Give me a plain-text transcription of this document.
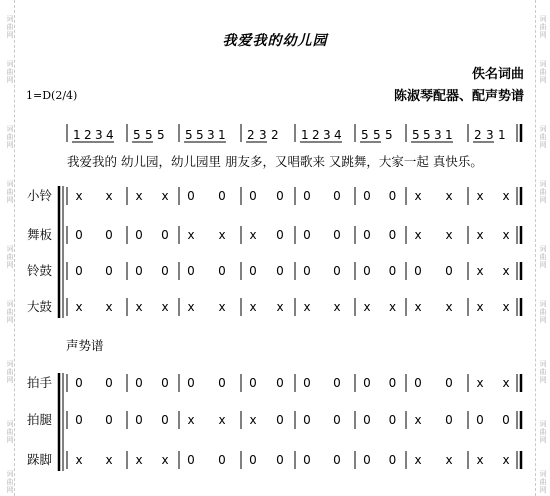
词
曲
网
词
曲
网
词
曲
网
词
曲
网
词
曲
网
词
曲
网
词
曲
网
词
曲
网
词
曲
网
词
曲
网
词
曲
网
词
曲
网
词
曲
网
词
曲
网
词
曲
网
词
曲
网
词
曲
网
词
曲
网
我爱我的幼儿园
佚名词曲
陈淑琴配器、配声势谱
1=D(2/4)
1 2 3 4 5 5 5 5 5 3 1 2 3 2 1 2 3 4 5 5 5 5 5 3 1 2 3 1
我爱我的 幼儿园，幼儿园里 朋友多，又唱歌来 又跳舞，大家一起 真快乐。
小铃
舞板
铃鼓
大鼓
拍手
拍腿
跺脚
声势谱
x x x x 0 0 0 0 0 0 0 0 x x x x
0 0 0 0 x x x 0 0 0 0 0 x x x x
0 0 0 0 0 0 0 0 0 0 0 0 0 0 x x
x x x x x x x x x x x x x x x x
0 0 0 0 0 0 0 0 0 0 0 0 0 0 x x
0 0 0 0 x x x 0 0 0 0 0 x 0 0 0
x x x x 0 0 0 0 0 0 0 0 x x x x
